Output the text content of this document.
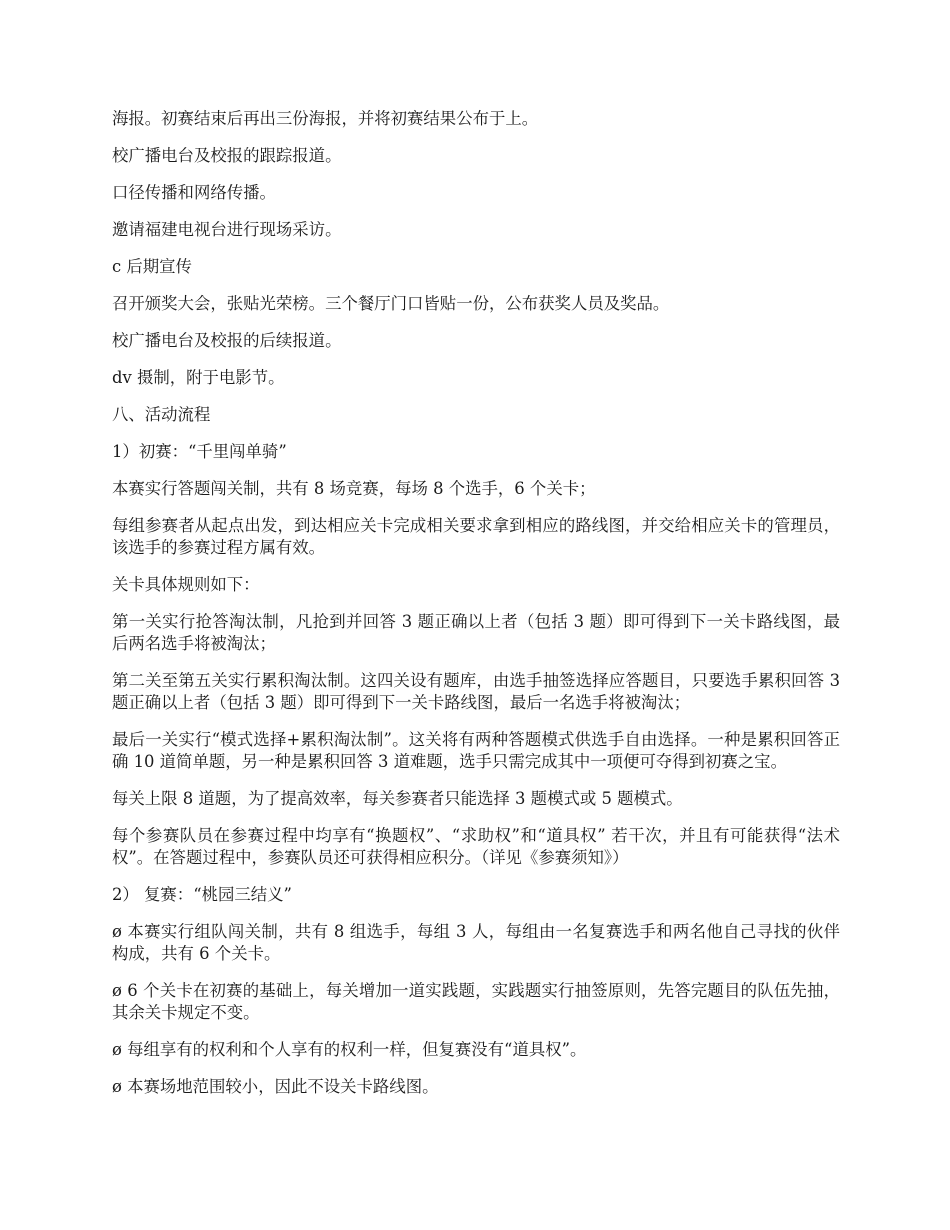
海报。初赛结束后再出三份海报，并将初赛结果公布于上。

校广播电台及校报的跟踪报道。

口径传播和网络传播。

邀请福建电视台进行现场采访。

c 后期宣传

召开颁奖大会，张贴光荣榜。三个餐厅门口皆贴一份，公布获奖人员及奖品。

校广播电台及校报的后续报道。

dv 摄制，附于电影节。

八、活动流程

1）初赛：“千里闯单骑”

本赛实行答题闯关制，共有 8 场竞赛，每场 8 个选手，6 个关卡；

每组参赛者从起点出发，到达相应关卡完成相关要求拿到相应的路线图，并交给相应关卡的管理员，该选手的参赛过程方属有效。

关卡具体规则如下：

第一关实行抢答淘汰制，凡抢到并回答 3 题正确以上者（包括 3 题）即可得到下一关卡路线图，最后两名选手将被淘汰；

第二关至第五关实行累积淘汰制。这四关设有题库，由选手抽签选择应答题目，只要选手累积回答 3 题正确以上者（包括 3 题）即可得到下一关卡路线图，最后一名选手将被淘汰；

最后一关实行“模式选择+累积淘汰制”。这关将有两种答题模式供选手自由选择。一种是累积回答正确 10 道简单题，另一种是累积回答 3 道难题，选手只需完成其中一项便可夺得到初赛之宝。

每关上限 8 道题，为了提高效率，每关参赛者只能选择 3 题模式或 5 题模式。

每个参赛队员在参赛过程中均享有“换题权”、“求助权”和“道具权” 若干次，并且有可能获得“法术权”。在答题过程中，参赛队员还可获得相应积分。（详见《参赛须知》）

2） 复赛：“桃园三结义”

ø 本赛实行组队闯关制，共有 8 组选手，每组 3 人，每组由一名复赛选手和两名他自己寻找的伙伴构成，共有 6 个关卡。

ø 6 个关卡在初赛的基础上，每关增加一道实践题，实践题实行抽签原则，先答完题目的队伍先抽，其余关卡规定不变。

ø 每组享有的权利和个人享有的权利一样，但复赛没有“道具权”。

ø 本赛场地范围较小，因此不设关卡路线图。
